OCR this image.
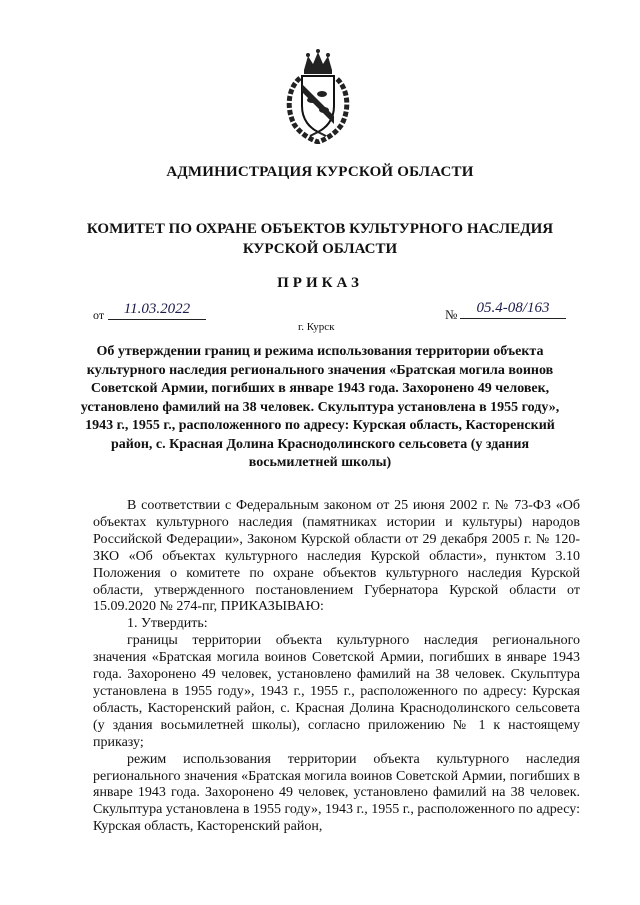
АДМИНИСТРАЦИЯ КУРСКОЙ ОБЛАСТИ
КОМИТЕТ ПО ОХРАНЕ ОБЪЕКТОВ КУЛЬТУРНОГО НАСЛЕДИЯ КУРСКОЙ ОБЛАСТИ
ПРИКАЗ
от	11.03.2022	№	05.4-08/163
г. Курск
Об утверждении границ и режима использования территории объекта культурного наследия регионального значения «Братская могила воинов Советской Армии, погибших в январе 1943 года. Захоронено 49 человек, установлено фамилий на 38 человек. Скульптура установлена в 1955 году», 1943 г., 1955 г., расположенного по адресу: Курская область, Касторенский район, с. Красная Долина Краснодолинского сельсовета (у здания восьмилетней школы)

В соответствии с Федеральным законом от 25 июня 2002 г. № 73-ФЗ «Об объектах культурного наследия (памятниках истории и культуры) народов Российской Федерации», Законом Курской области от 29 декабря 2005 г. № 120-ЗКО «Об объектах культурного наследия Курской области», пунктом 3.10 Положения о комитете по охране объектов культурного наследия Курской области, утвержденного постановлением Губернатора Курской области от 15.09.2020 № 274-пг, ПРИКАЗЫВАЮ:

1. Утвердить:

границы территории объекта культурного наследия регионального значения «Братская могила воинов Советской Армии, погибших в январе 1943 года. Захоронено 49 человек, установлено фамилий на 38 человек. Скульптура установлена в 1955 году», 1943 г., 1955 г., расположенного по адресу: Курская область, Касторенский район, с. Красная Долина Краснодолинского сельсовета (у здания восьмилетней школы), согласно приложению № 1 к настоящему приказу;

режим использования территории объекта культурного наследия регионального значения «Братская могила воинов Советской Армии, погибших в январе 1943 года. Захоронено 49 человек, установлено фамилий на 38 человек. Скульптура установлена в 1955 году», 1943 г., 1955 г., расположенного по адресу: Курская область, Касторенский район,
